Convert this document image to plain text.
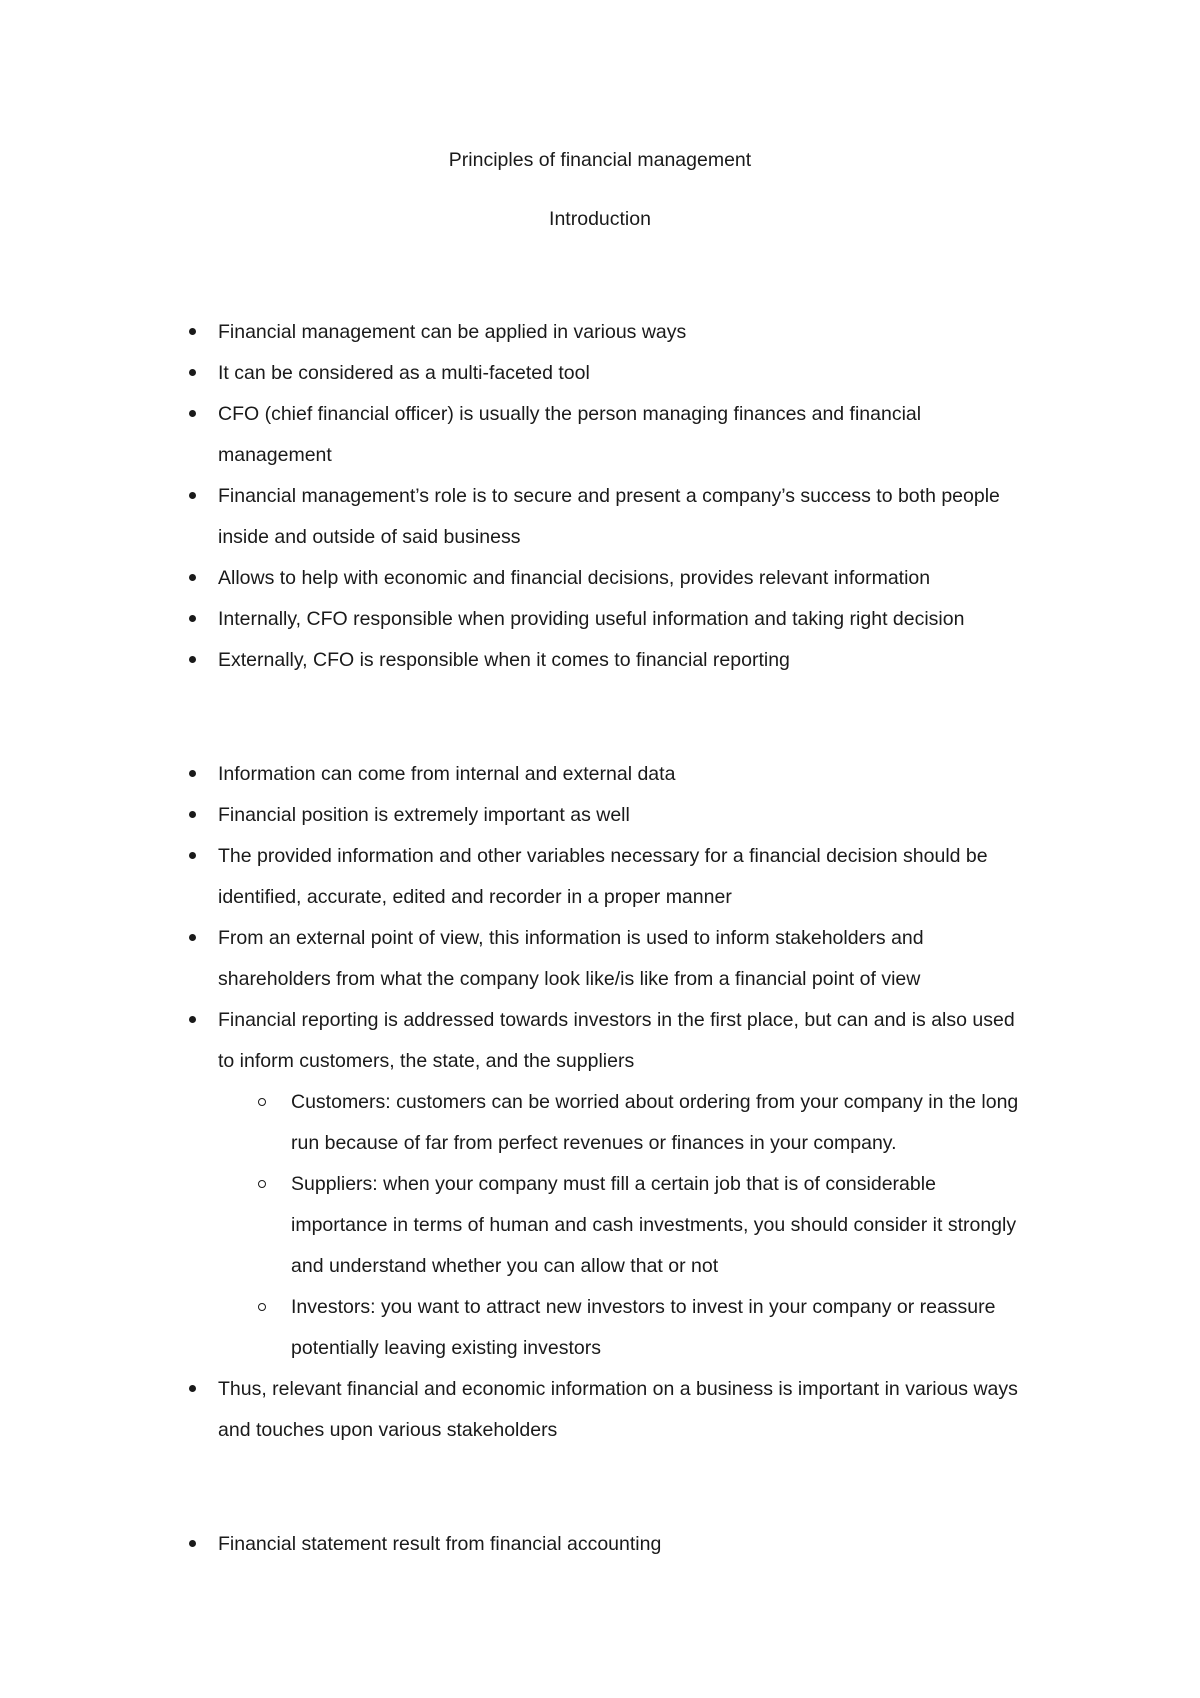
Principles of financial management
Introduction
Financial management can be applied in various ways
It can be considered as a multi-faceted tool
CFO (chief financial officer) is usually the person managing finances and financial
management
Financial management’s role is to secure and present a company’s success to both people
inside and outside of said business
Allows to help with economic and financial decisions, provides relevant information
Internally, CFO responsible when providing useful information and taking right decision
Externally, CFO is responsible when it comes to financial reporting
Information can come from internal and external data
Financial position is extremely important as well
The provided information and other variables necessary for a financial decision should be
identified, accurate, edited and recorder in a proper manner
From an external point of view, this information is used to inform stakeholders and
shareholders from what the company look like/is like from a financial point of view
Financial reporting is addressed towards investors in the first place, but can and is also used
to inform customers, the state, and the suppliers
Customers: customers can be worried about ordering from your company in the long
run because of far from perfect revenues or finances in your company.
Suppliers: when your company must fill a certain job that is of considerable
importance in terms of human and cash investments, you should consider it strongly
and understand whether you can allow that or not
Investors: you want to attract new investors to invest in your company or reassure
potentially leaving existing investors
Thus, relevant financial and economic information on a business is important in various ways
and touches upon various stakeholders
Financial statement result from financial accounting
